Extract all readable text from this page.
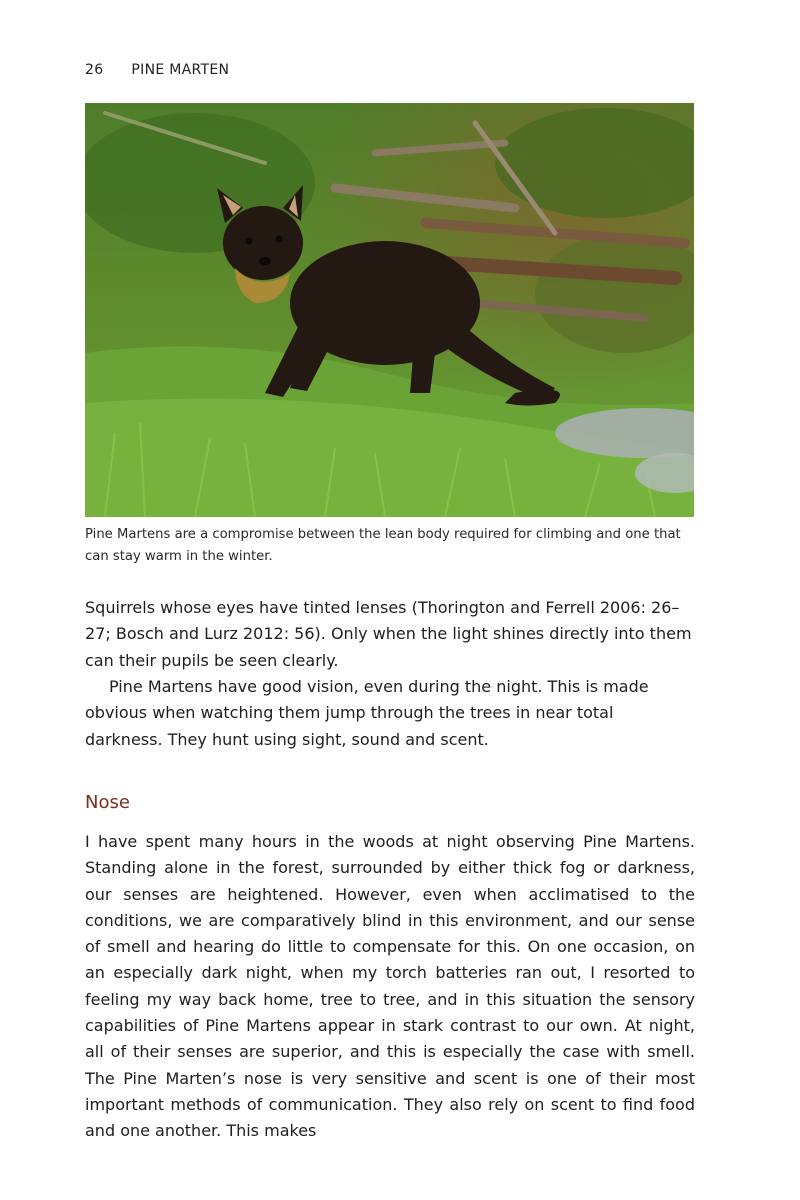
26 PINE MARTEN
Pine Martens are a compromise between the lean body required for climbing and one that can stay warm in the winter.

Squirrels whose eyes have tinted lenses (Thorington and Ferrell 2006: 26–27; Bosch and Lurz 2012: 56). Only when the light shines directly into them can their pupils be seen clearly.

Pine Martens have good vision, even during the night. This is made obvious when watching them jump through the trees in near total darkness. They hunt using sight, sound and scent.

Nose

I have spent many hours in the woods at night observing Pine Martens. Standing alone in the forest, surrounded by either thick fog or darkness, our senses are heightened. However, even when acclimatised to the conditions, we are comparatively blind in this environment, and our sense of smell and hearing do little to compensate for this. On one occasion, on an especially dark night, when my torch batteries ran out, I resorted to feeling my way back home, tree to tree, and in this situation the sensory capabilities of Pine Martens appear in stark contrast to our own. At night, all of their senses are superior, and this is especially the case with smell. The Pine Marten’s nose is very sensitive and scent is one of their most important methods of communication. They also rely on scent to find food and one another. This makes
